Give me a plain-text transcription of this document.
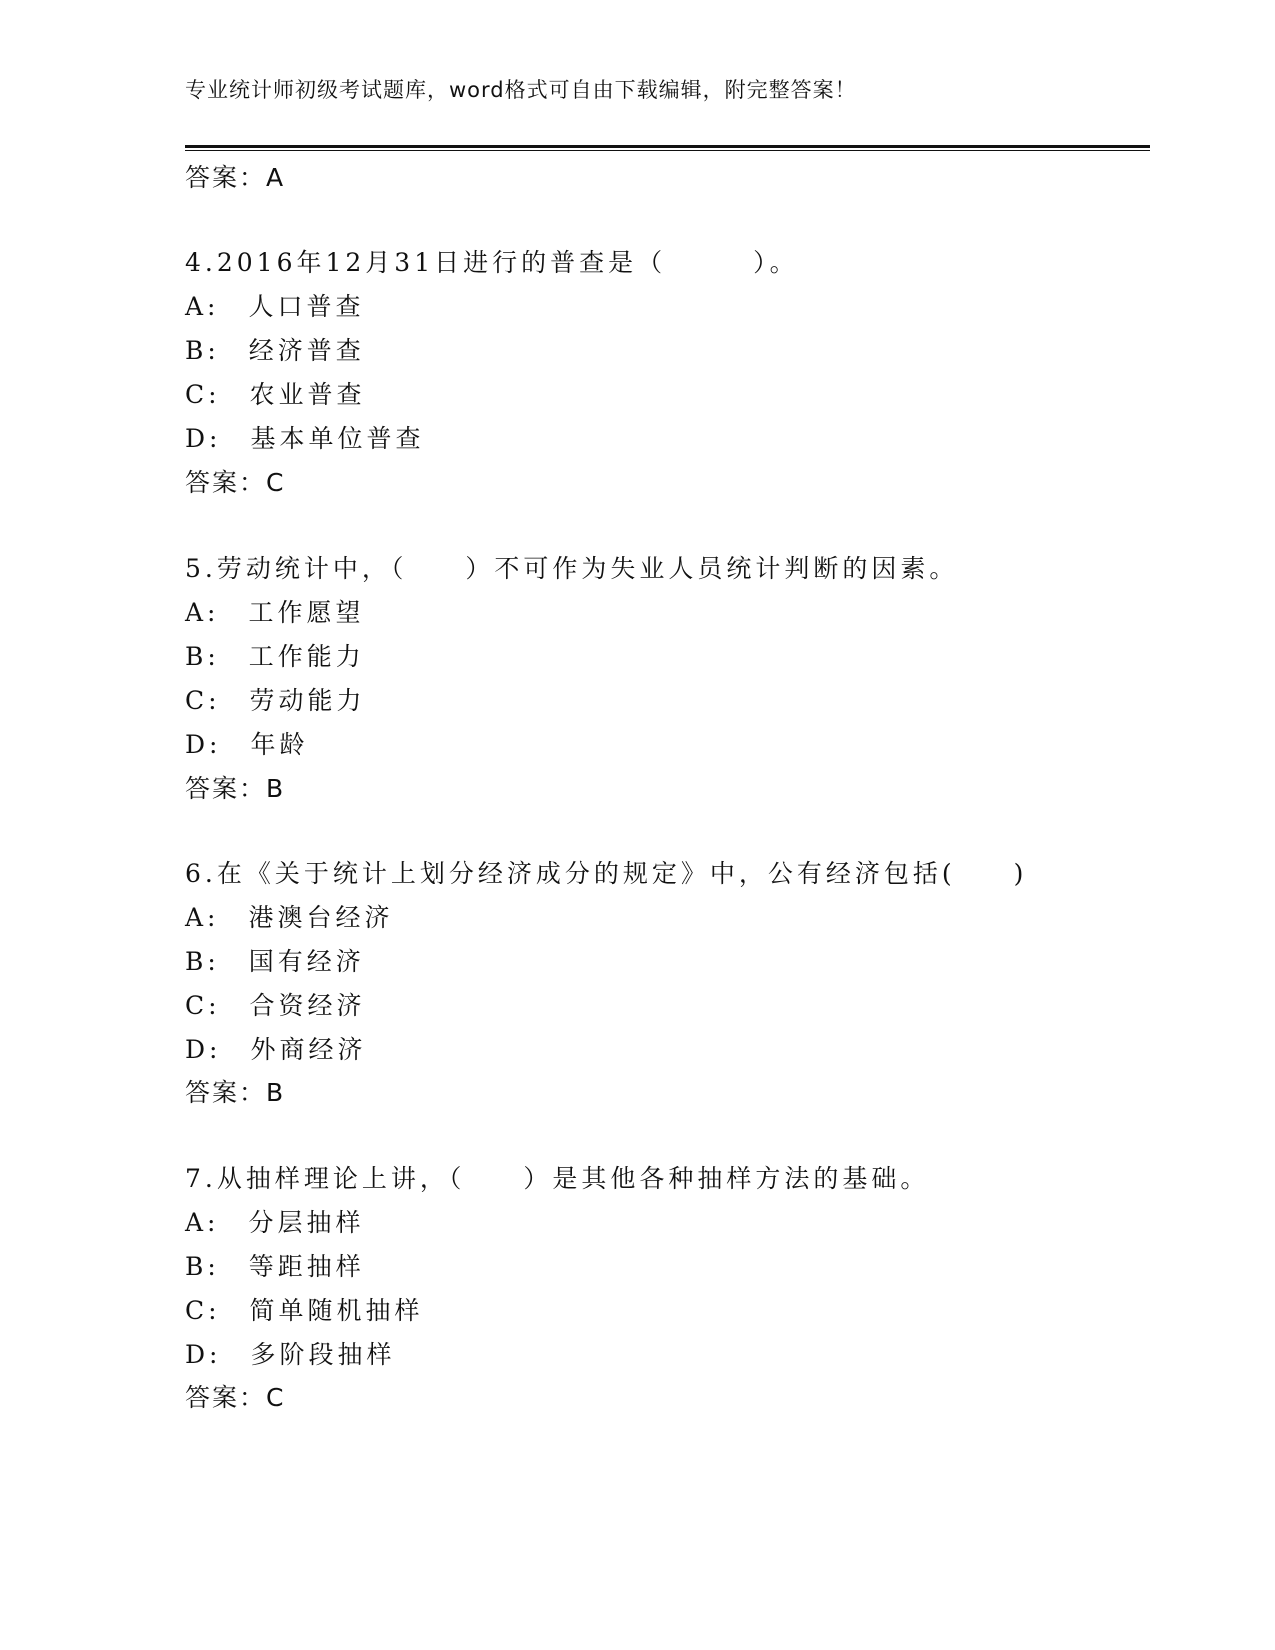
专业统计师初级考试题库，word格式可自由下载编辑，附完整答案！
答案：A
4.2016年12月31日进行的普查是（　　　）。
A:　人口普查
B:　经济普查
C:　农业普查
D:　基本单位普查
答案：C
5.劳动统计中，（　　）不可作为失业人员统计判断的因素。
A:　工作愿望
B:　工作能力
C:　劳动能力
D:　年龄
答案：B
6.在《关于统计上划分经济成分的规定》中，公有经济包括(　　)
A:　港澳台经济
B:　国有经济
C:　合资经济
D:　外商经济
答案：B
7.从抽样理论上讲，（　　）是其他各种抽样方法的基础。
A:　分层抽样
B:　等距抽样
C:　简单随机抽样
D:　多阶段抽样
答案：C
